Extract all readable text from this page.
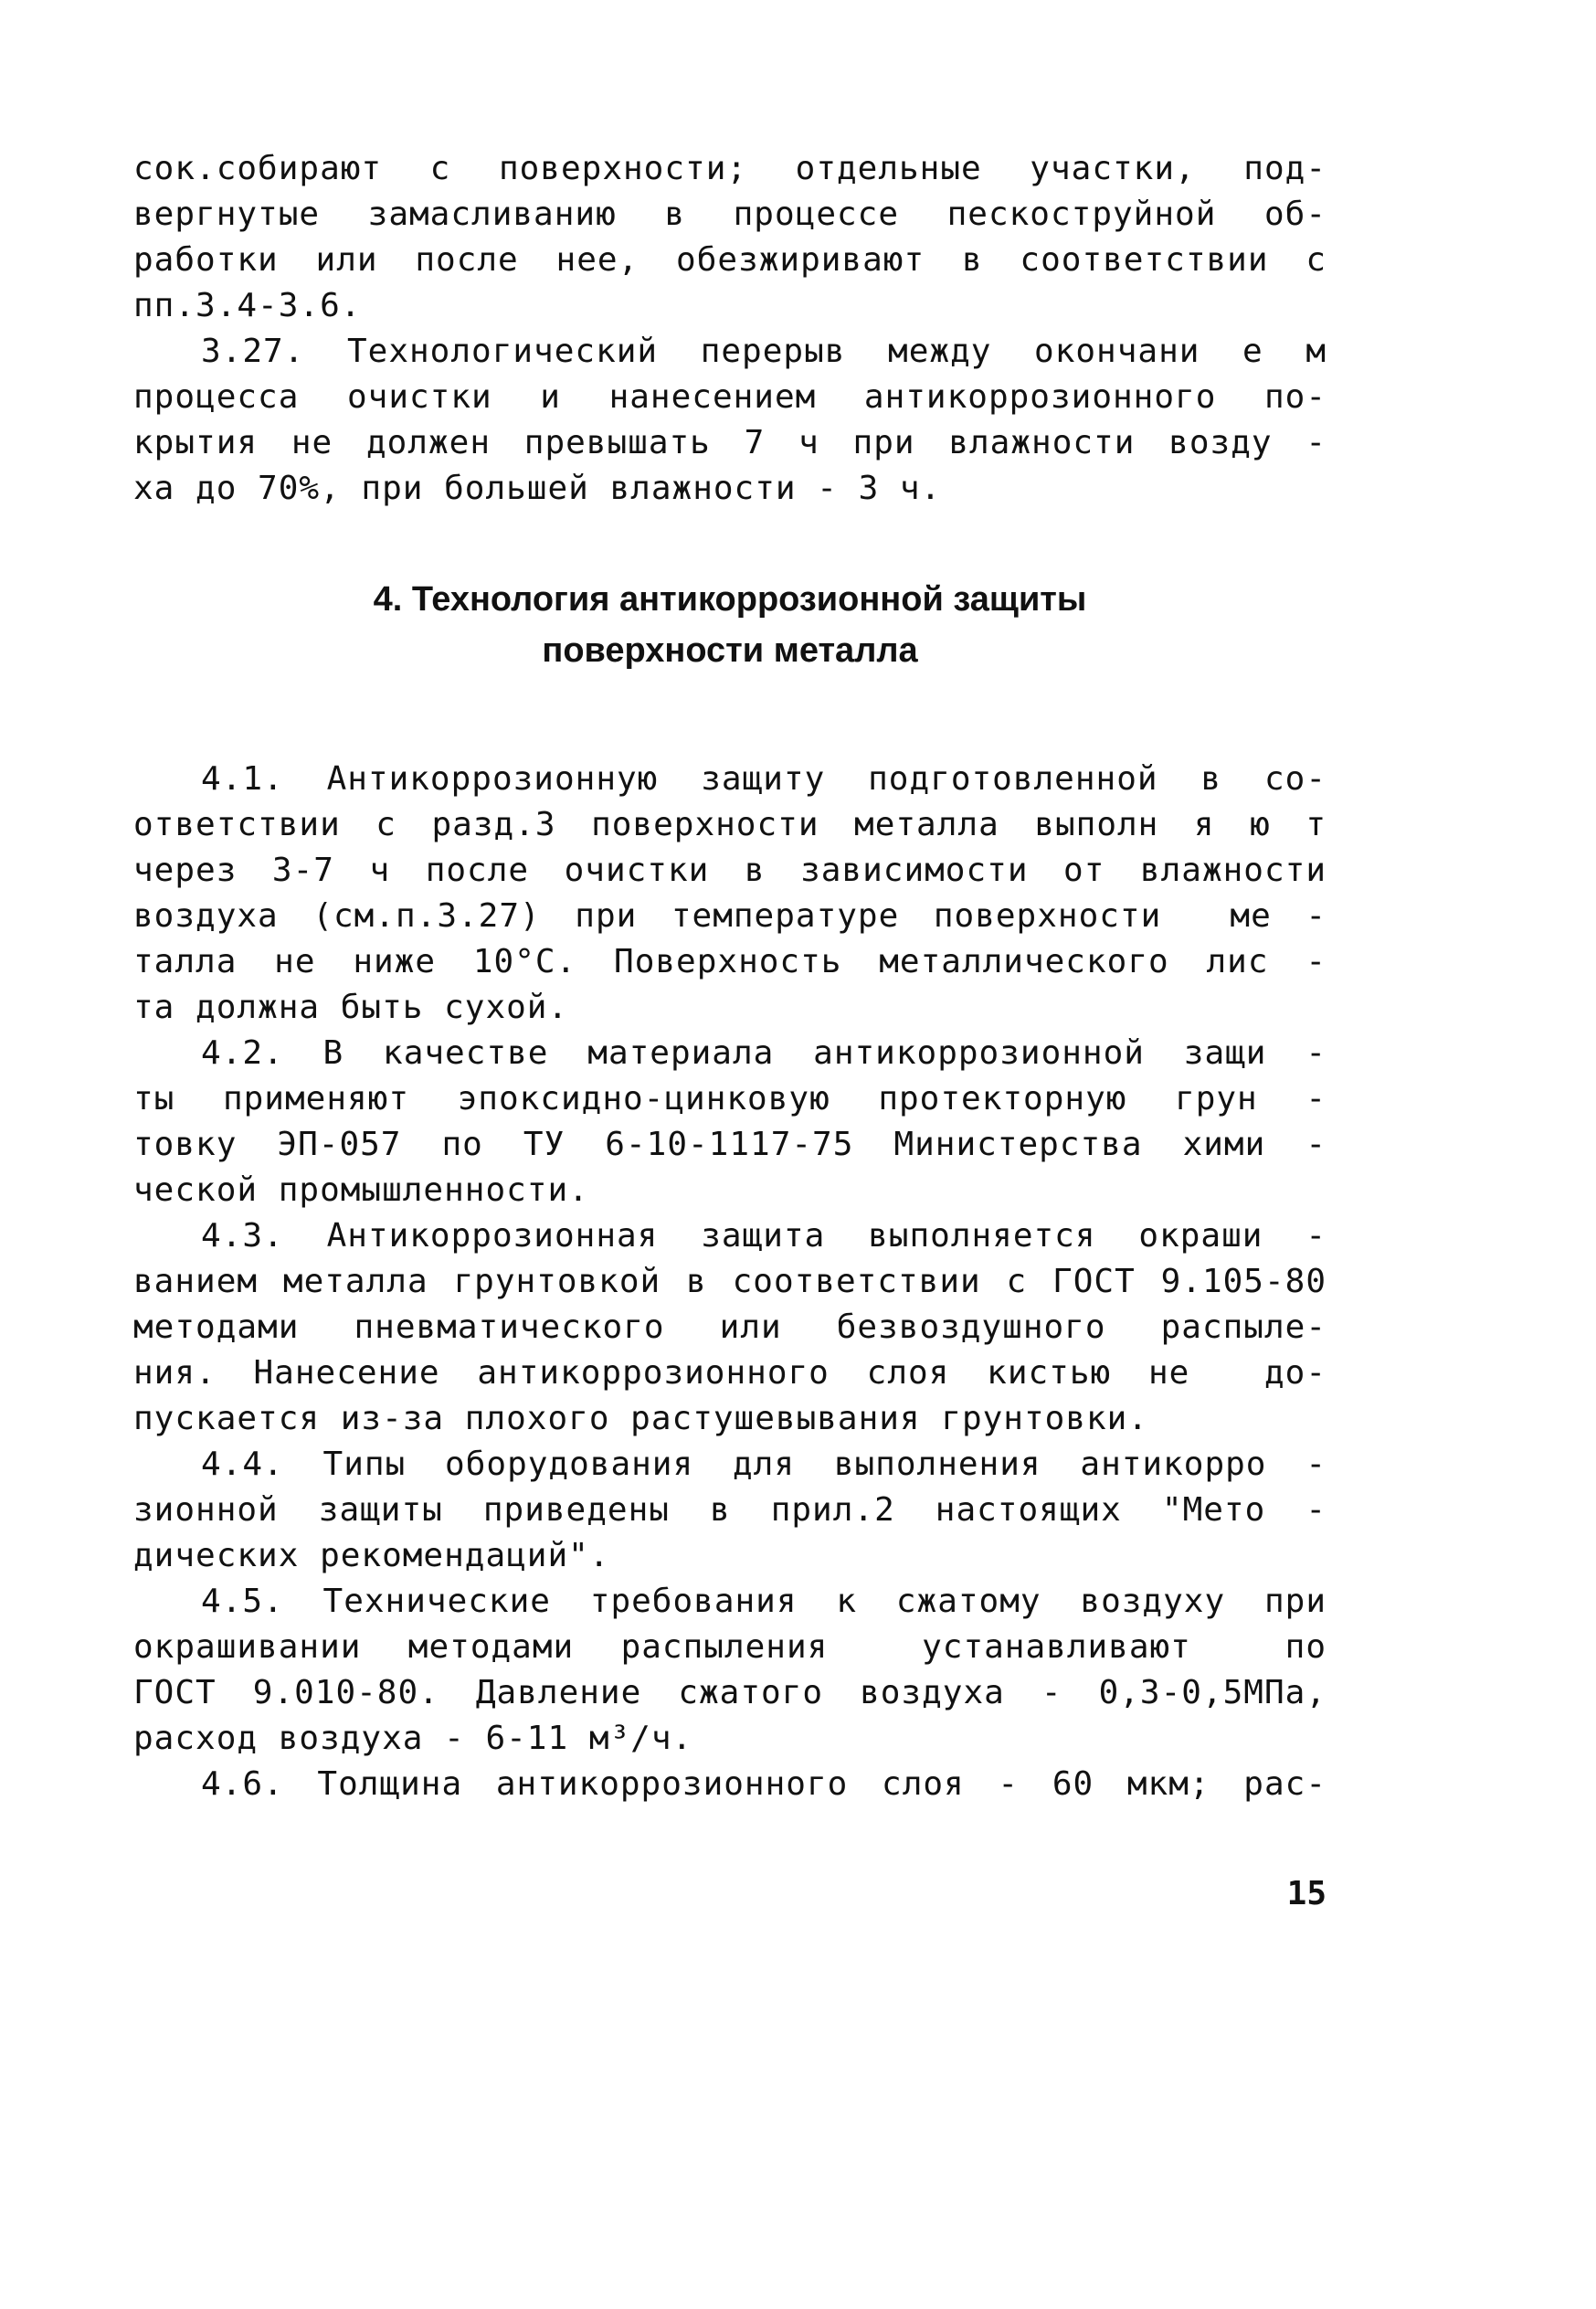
сок.собирают с поверхности; отдельные участки, под-
вергнутые замасливанию в процессе пескоструйной об-
работки или после нее, обезжиривают в соответствии с
пп.3.4-3.6.

3.27. Технологический перерыв между окончани е м
процесса очистки и нанесением антикоррозионного по-
крытия не должен превышать 7 ч при влажности возду -
ха до 70%, при большей влажности - 3 ч.

4. Технология антикоррозионной защиты
поверхности металла

4.1. Антикоррозионную защиту подготовленной в со-
ответствии с разд.3 поверхности металла выполн я ю т
через 3-7 ч после очистки в зависимости от влажности
воздуха (см.п.3.27) при температуре поверхности  ме -
талла не ниже 10°С. Поверхность металлического лис -
та должна быть сухой.

4.2. В качестве материала антикоррозионной защи -
ты применяют эпоксидно-цинковую протекторную грун -
товку ЭП-057 по ТУ 6-10-1117-75 Министерства хими -
ческой промышленности.

4.3. Антикоррозионная защита выполняется окраши -
ванием металла грунтовкой в соответствии с ГОСТ 9.105-80
методами пневматического или безвоздушного распыле-
ния. Нанесение антикоррозионного слоя кистью не  до-
пускается из-за плохого растушевывания грунтовки.

4.4. Типы оборудования для выполнения антикорро -
зионной защиты приведены в прил.2 настоящих "Мето -
дических рекомендаций".

4.5. Технические требования к сжатому воздуху при
окрашивании методами распыления  устанавливают  по
ГОСТ 9.010-80. Давление сжатого воздуха - 0,3-0,5МПа,
расход воздуха - 6-11 м³/ч.

4.6. Толщина антикоррозионного слоя - 60 мкм; рас-

15
